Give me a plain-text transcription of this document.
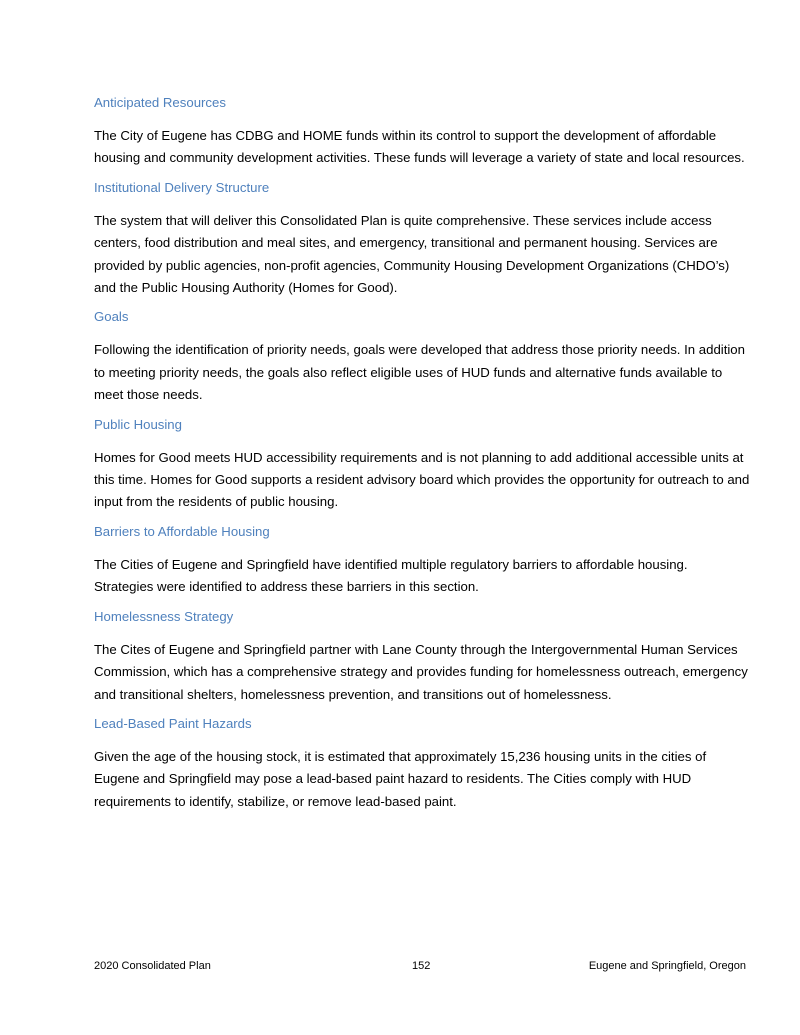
Anticipated Resources

The City of Eugene has CDBG and HOME funds within its control to support the development of affordable housing and community development activities. These funds will leverage a variety of state and local resources.

Institutional Delivery Structure

The system that will deliver this Consolidated Plan is quite comprehensive. These services include access centers, food distribution and meal sites, and emergency, transitional and permanent housing. Services are provided by public agencies, non-profit agencies, Community Housing Development Organizations (CHDO’s) and the Public Housing Authority (Homes for Good).

Goals

Following the identification of priority needs, goals were developed that address those priority needs. In addition to meeting priority needs, the goals also reflect eligible uses of HUD funds and alternative funds available to meet those needs.

Public Housing

Homes for Good meets HUD accessibility requirements and is not planning to add additional accessible units at this time. Homes for Good supports a resident advisory board which provides the opportunity for outreach to and input from the residents of public housing.

Barriers to Affordable Housing

The Cities of Eugene and Springfield have identified multiple regulatory barriers to affordable housing. Strategies were identified to address these barriers in this section.

Homelessness Strategy

The Cites of Eugene and Springfield partner with Lane County through the Intergovernmental Human Services Commission, which has a comprehensive strategy and provides funding for homelessness outreach, emergency and transitional shelters, homelessness prevention, and transitions out of homelessness.

Lead-Based Paint Hazards

Given the age of the housing stock, it is estimated that approximately 15,236 housing units in the cities of Eugene and Springfield may pose a lead-based paint hazard to residents. The Cities comply with HUD requirements to identify, stabilize, or remove lead-based paint.

2020 Consolidated Plan	152	Eugene and Springfield, Oregon
